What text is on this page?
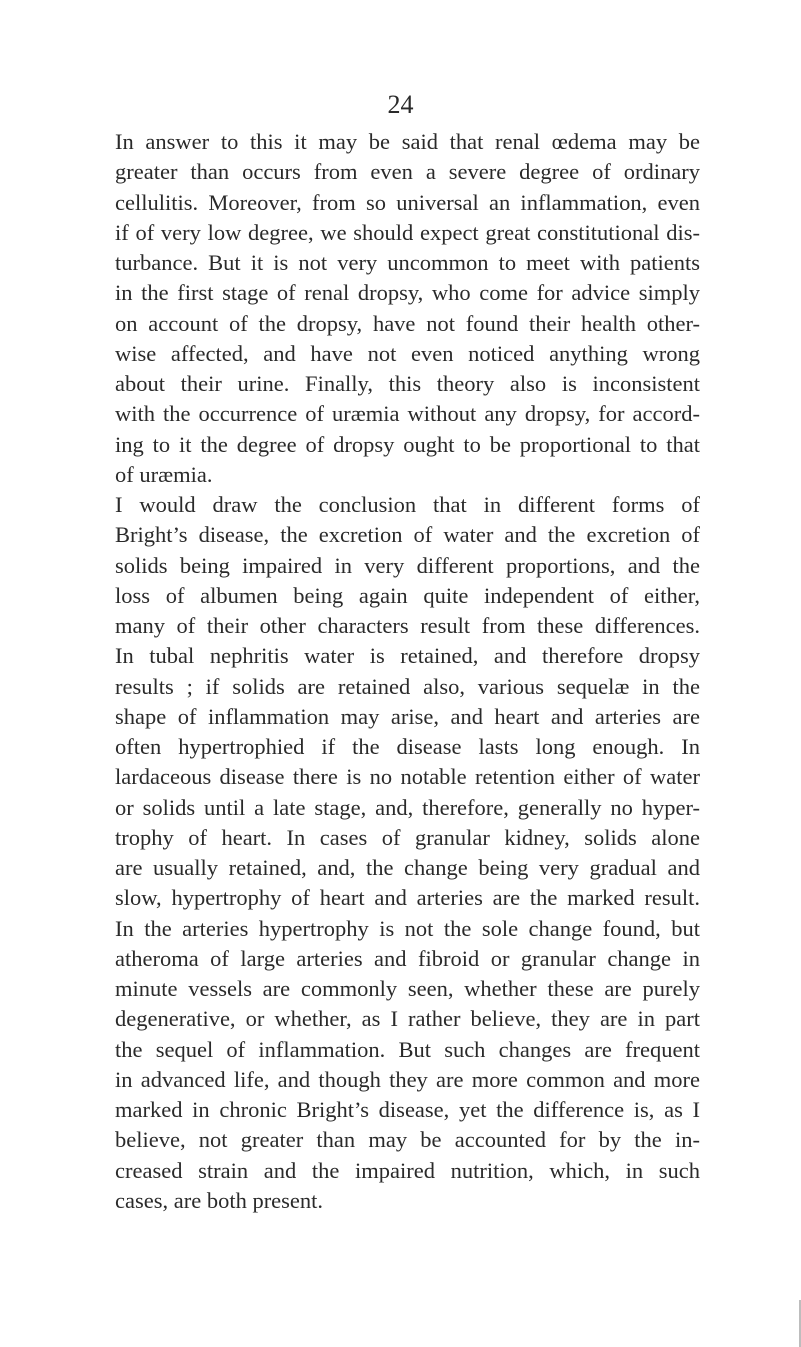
24
In answer to this it may be said that renal œdema may be
greater than occurs from even a severe degree of ordinary
cellulitis. Moreover, from so universal an inflammation, even
if of very low degree, we should expect great constitutional dis-
turbance. But it is not very uncommon to meet with patients
in the first stage of renal dropsy, who come for advice simply
on account of the dropsy, have not found their health other-
wise affected, and have not even noticed anything wrong
about their urine. Finally, this theory also is inconsistent
with the occurrence of uræmia without any dropsy, for accord-
ing to it the degree of dropsy ought to be proportional to that
of uræmia.
I would draw the conclusion that in different forms of
Bright’s disease, the excretion of water and the excretion of
solids being impaired in very different proportions, and the
loss of albumen being again quite independent of either,
many of their other characters result from these differences.
In tubal nephritis water is retained, and therefore dropsy
results ; if solids are retained also, various sequelæ in the
shape of inflammation may arise, and heart and arteries are
often hypertrophied if the disease lasts long enough. In
lardaceous disease there is no notable retention either of water
or solids until a late stage, and, therefore, generally no hyper-
trophy of heart. In cases of granular kidney, solids alone
are usually retained, and, the change being very gradual and
slow, hypertrophy of heart and arteries are the marked result.
In the arteries hypertrophy is not the sole change found, but
atheroma of large arteries and fibroid or granular change in
minute vessels are commonly seen, whether these are purely
degenerative, or whether, as I rather believe, they are in part
the sequel of inflammation. But such changes are frequent
in advanced life, and though they are more common and more
marked in chronic Bright’s disease, yet the difference is, as I
believe, not greater than may be accounted for by the in-
creased strain and the impaired nutrition, which, in such
cases, are both present.
